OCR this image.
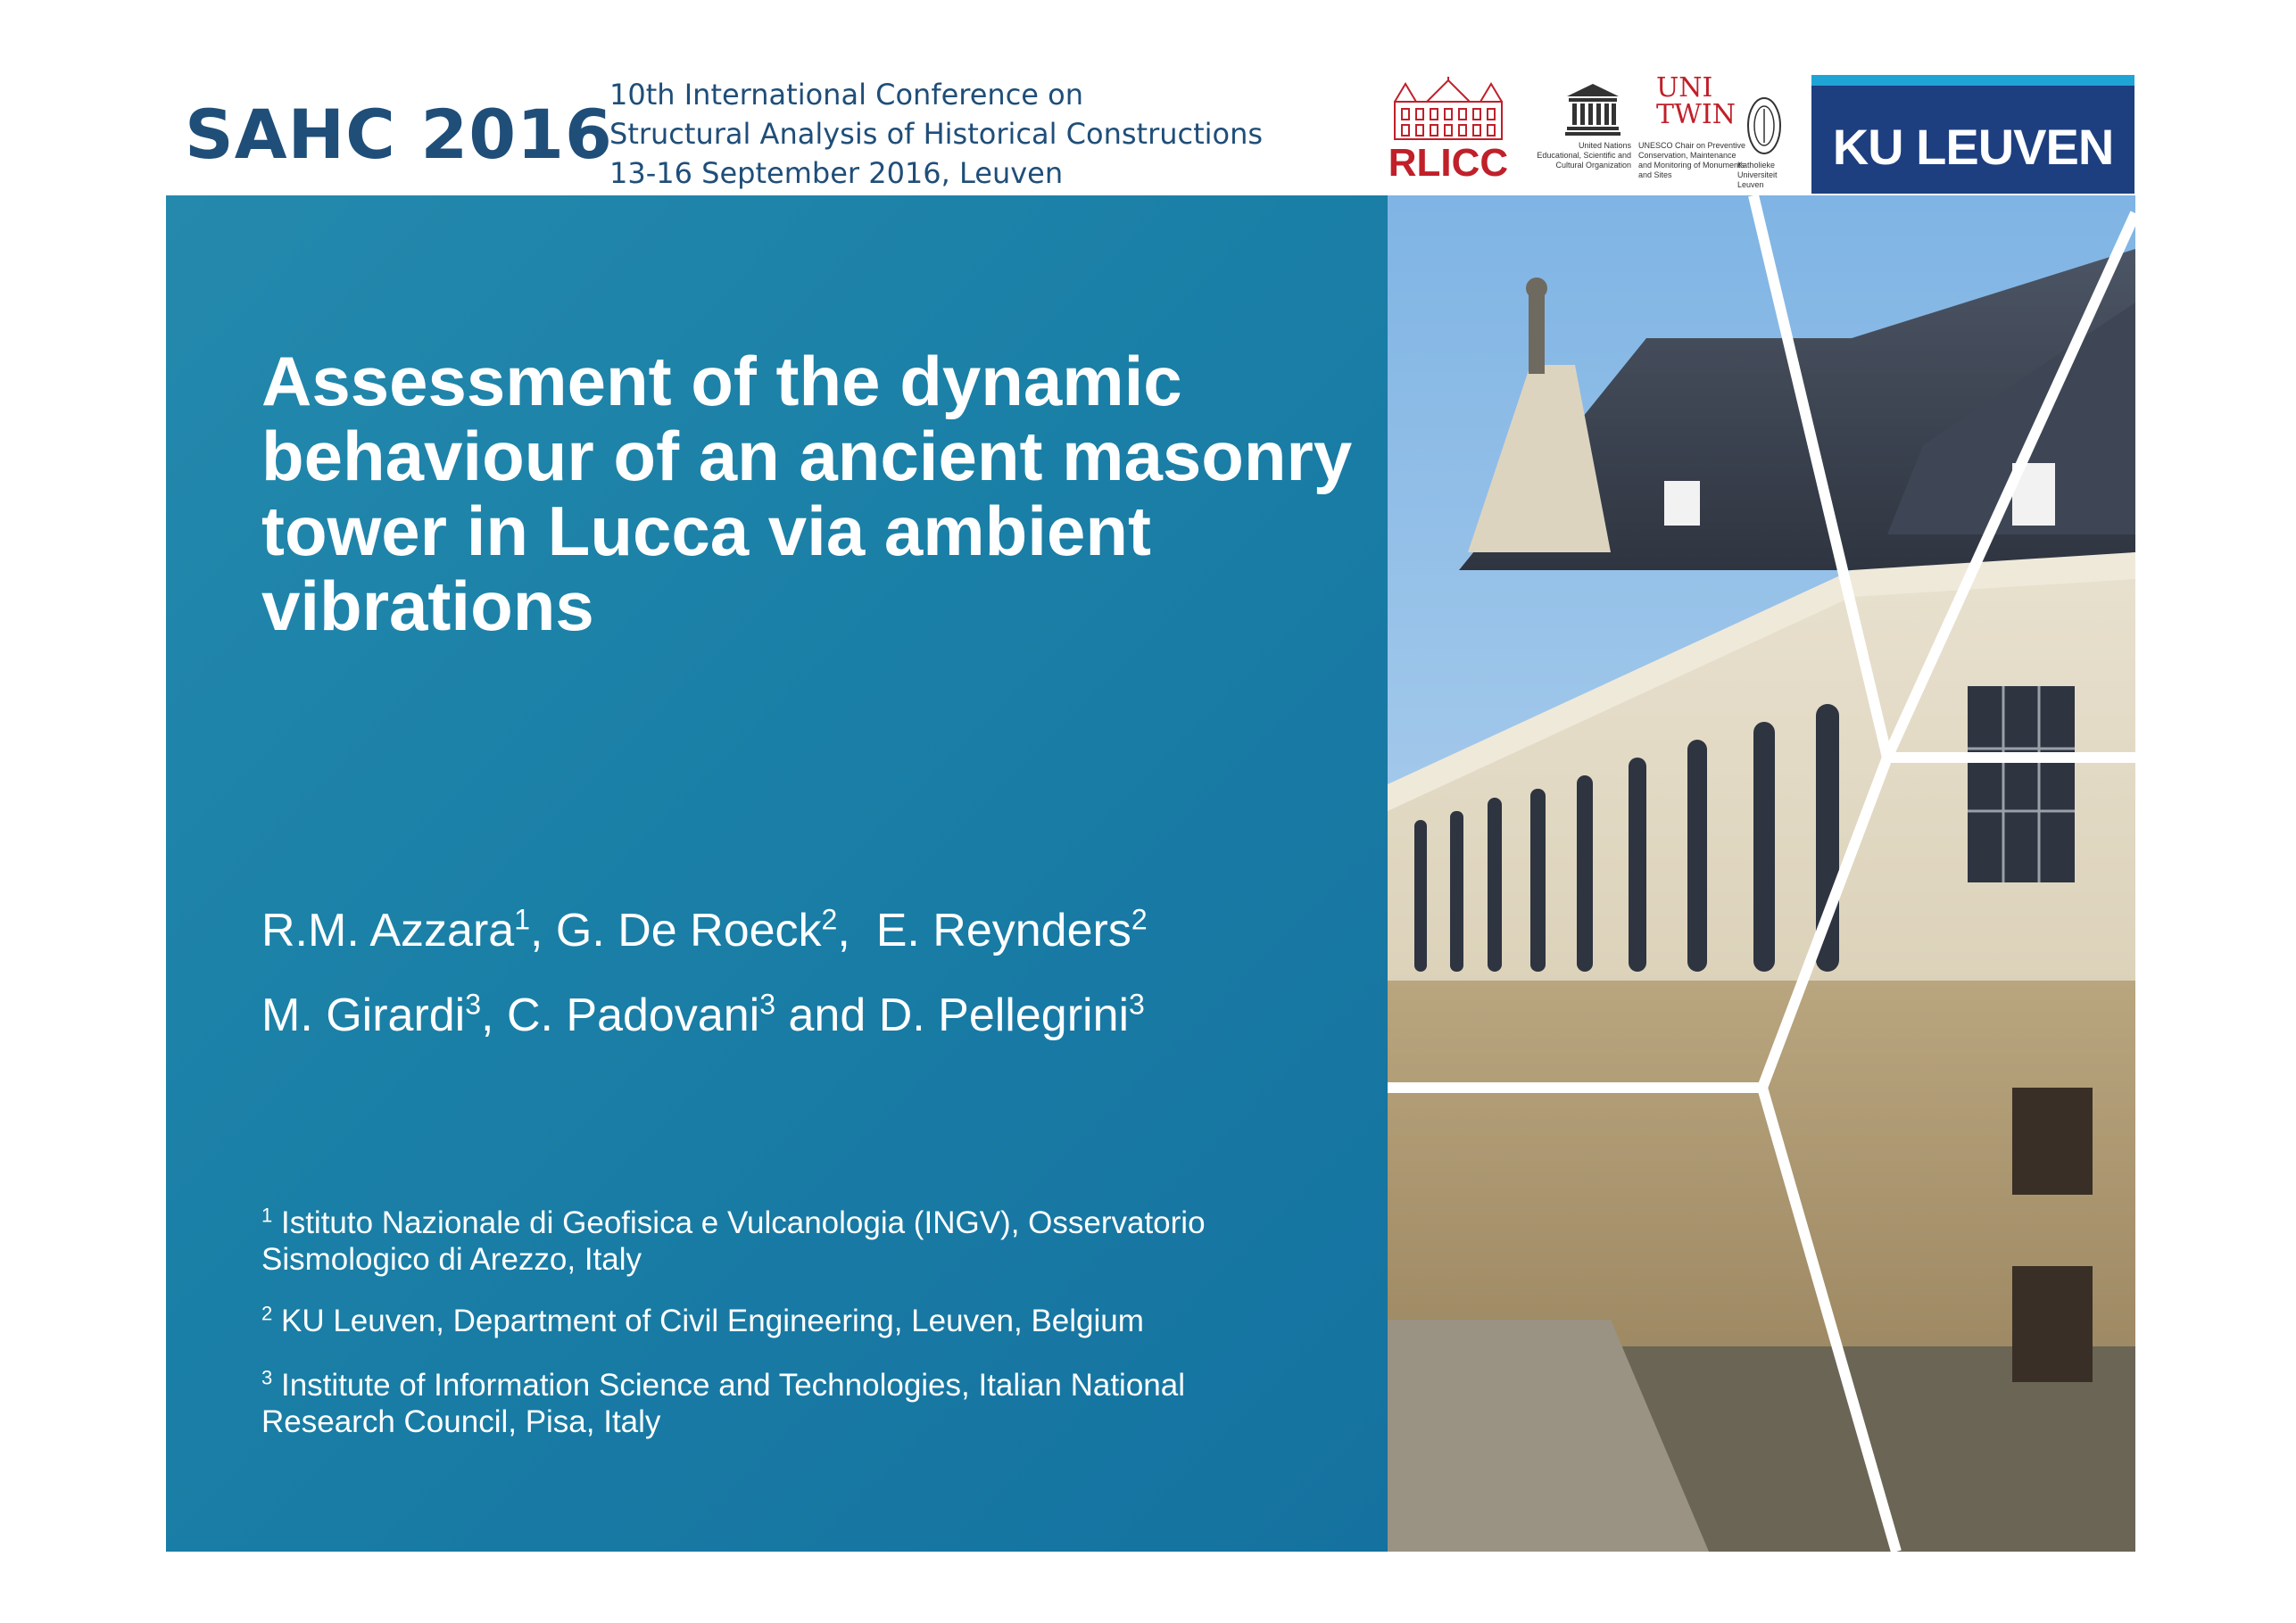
SAHC 2016
10th International Conference on
Structural Analysis of Historical Constructions
13-16 September 2016, Leuven	RLICC	United Nations Educational, Scientific and Cultural Organization
UNI TWIN
UNESCO Chair on Preventive Conservation, Maintenance and Monitoring of Monuments and Sites
Katholieke Universiteit Leuven
KU LEUVEN
Assessment of the dynamic behaviour of an ancient masonry tower in Lucca via ambient vibrations
R.M. Azzara$^1$, G. De Roeck$^2$,  E. Reynders$^2$
M. Girardi$^3$, C. Padovani$^3$ and D. Pellegrini$^3$
$^1$ Istituto Nazionale di Geofisica e Vulcanologia (INGV), Osservatorio Sismologico di Arezzo, Italy
$^2$ KU Leuven, Department of Civil Engineering, Leuven, Belgium
$^3$ Institute of Information Science and Technologies, Italian National Research Council, Pisa, Italy
